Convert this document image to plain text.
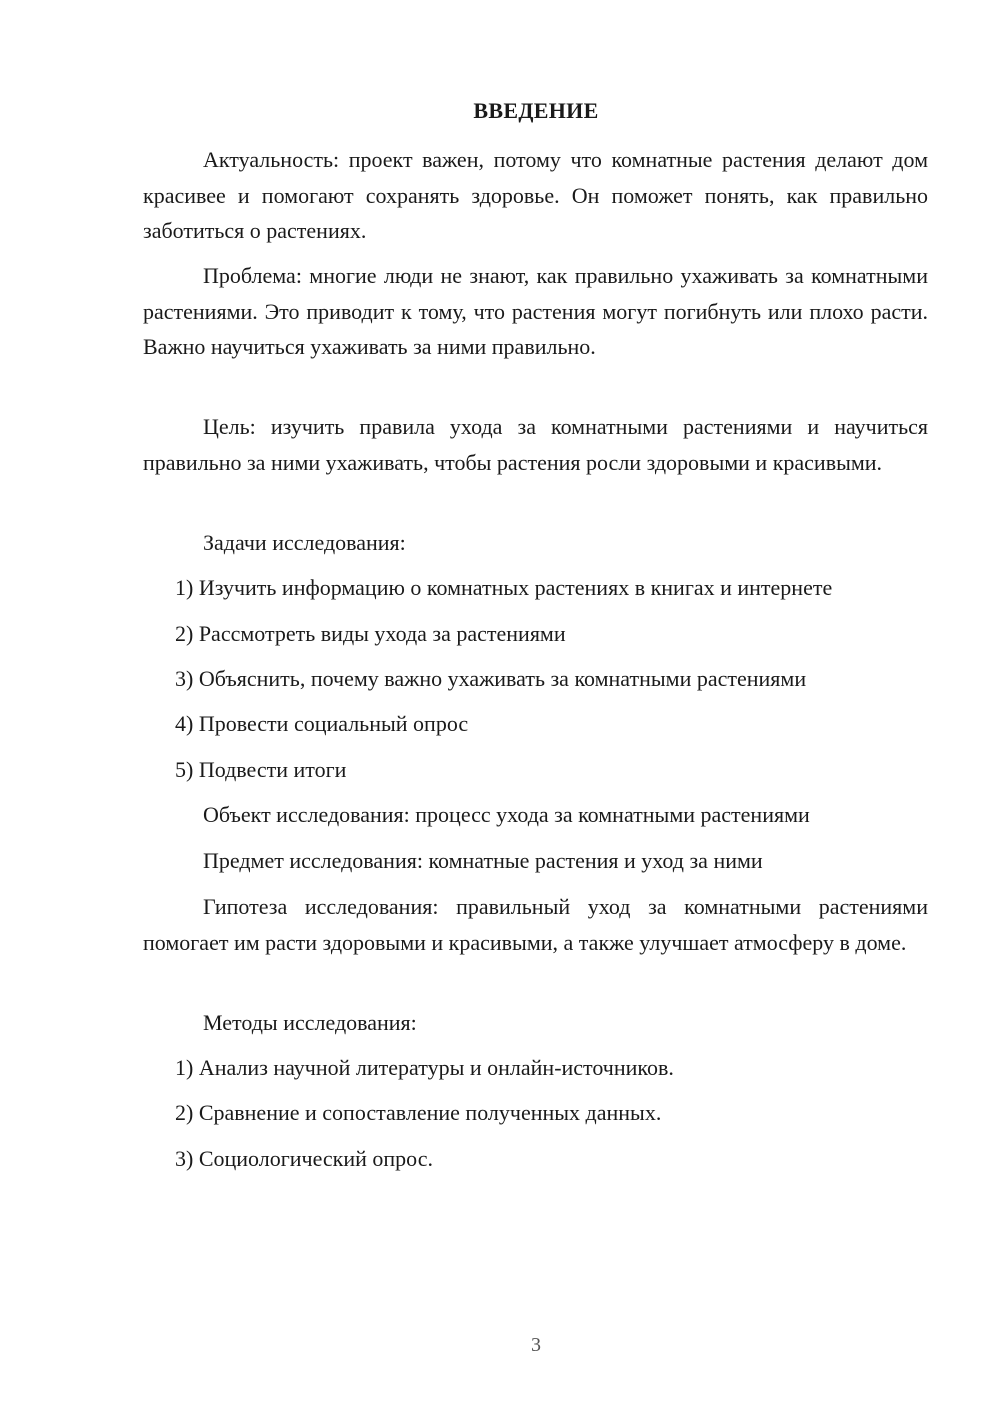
ВВЕДЕНИЕ

Актуальность: проект важен, потому что комнатные растения делают дом красивее и помогают сохранять здоровье. Он поможет понять, как правильно заботиться о растениях.

Проблема: многие люди не знают, как правильно ухаживать за комнатными растениями. Это приводит к тому, что растения могут погибнуть или плохо расти. Важно научиться ухаживать за ними правильно.

Цель: изучить правила ухода за комнатными растениями и научиться правильно за ними ухаживать, чтобы растения росли здоровыми и красивыми.

Задачи исследования:
1) Изучить информацию о комнатных растениях в книгах и интернете
2) Рассмотреть виды ухода за растениями
3) Объяснить, почему важно ухаживать за комнатными растениями
4) Провести социальный опрос
5) Подвести итоги
Объект исследования: процесс ухода за комнатными растениями
Предмет исследования: комнатные растения и уход за ними

Гипотеза исследования: правильный уход за комнатными растениями помогает им расти здоровыми и красивыми, а также улучшает атмосферу в доме.

Методы исследования:
1) Анализ научной литературы и онлайн-источников.
2) Сравнение и сопоставление полученных данных.
3) Социологический опрос.
3
